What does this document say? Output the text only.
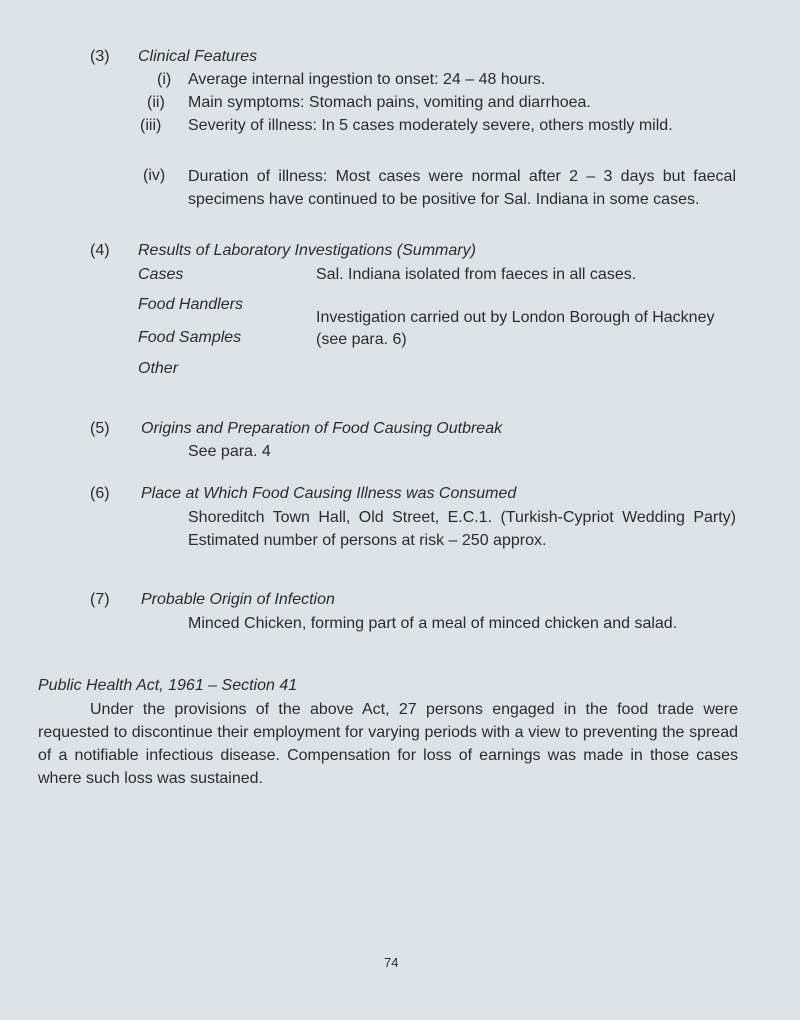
(3) Clinical Features
(i) Average internal ingestion to onset: 24 – 48 hours.
(ii) Main symptoms: Stomach pains, vomiting and diarrhoea.
(iii) Severity of illness: In 5 cases moderately severe, others mostly mild.
(iv) Duration of illness: Most cases were normal after 2 – 3 days but faecal specimens have continued to be positive for Sal. Indiana in some cases.
(4) Results of Laboratory Investigations (Summary)
Cases
Food Handlers
Food Samples
Other
Sal. Indiana isolated from faeces in all cases.
Investigation carried out by London Borough of Hackney (see para. 6)
(5) Origins and Preparation of Food Causing Outbreak
See para. 4
(6) Place at Which Food Causing Illness was Consumed
Shoreditch Town Hall, Old Street, E.C.1. (Turkish-Cypriot Wedding Party) Estimated number of persons at risk – 250 approx.
(7) Probable Origin of Infection
Minced Chicken, forming part of a meal of minced chicken and salad.
Public Health Act, 1961 – Section 41
Under the provisions of the above Act, 27 persons engaged in the food trade were requested to discontinue their employment for varying periods with a view to preventing the spread of a notifiable infectious disease. Compensation for loss of earnings was made in those cases where such loss was sustained.
74
